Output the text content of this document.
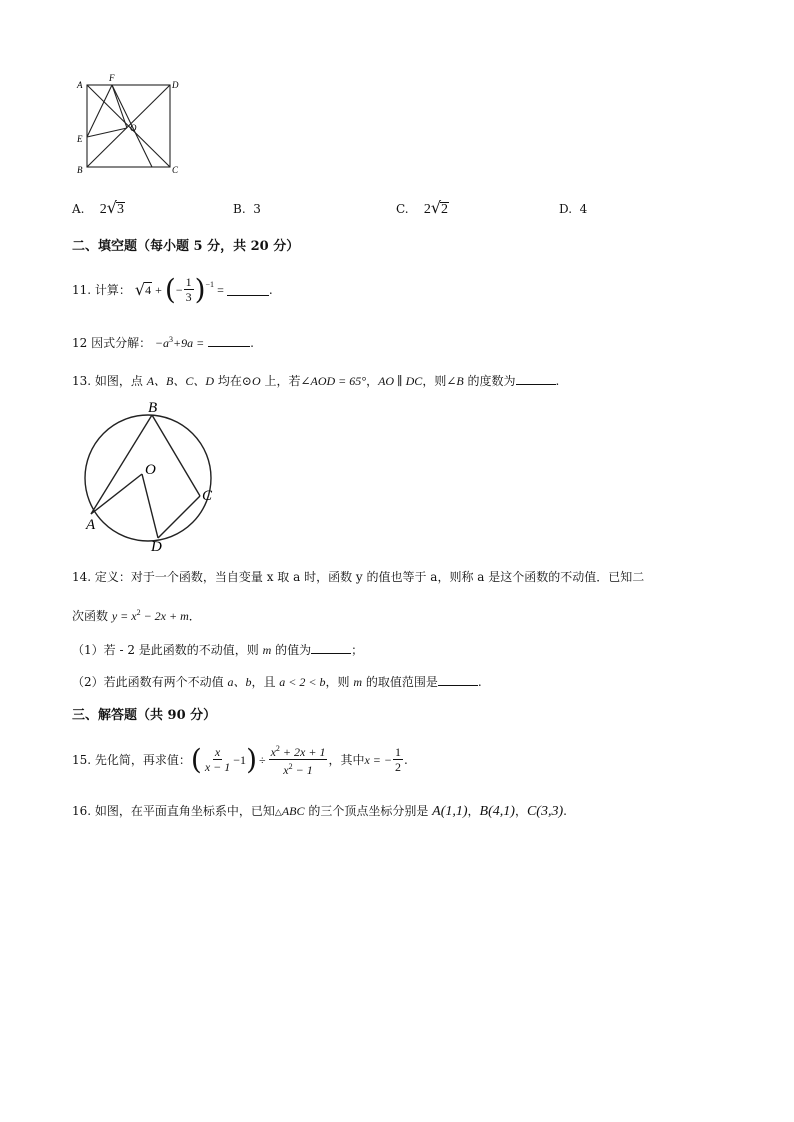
A
F
D
O
E
B	C
A. 2√3	B. 3	C. 2√2	D. 4
二、填空题（每小题 5 分，共 20 分）
11. 计算： √ 4 + ( − $\frac{1}{3} )^{-1}$ =	.
12 因式分解： $-a^3+9a$ =	.
13. 如图，点 A、B、C、D 均在⊙O 上，若∠AOD = 65°，AO ∥ DC，则∠B 的度数为	.
B
O
C
A
D
14. 定义：对于一个函数，当自变量 x 取 a 时，函数 y 的值也等于 a，则称 a 是这个函数的不动值．已知二
次函数 $y = x^2 - 2x + m$．
（1）若 - 2 是此函数的不动值，则 m 的值为	；
（2）若此函数有两个不动值 a、b，且 a < 2 < b，则 m 的取值范围是	.
三、解答题（共 90 分）
15. 先化简，再求值： ( $\frac{x}{x - 1} -1$ ) ÷ $\frac{x^2 + 2x + 1}{x^2 - 1}$ ，其中 x = − $\frac{1}{2}$ .
16. 如图，在平面直角坐标系中，已知△ABC 的三个顶点坐标分别是 A(1,1)，B(4,1)，C(3,3).
